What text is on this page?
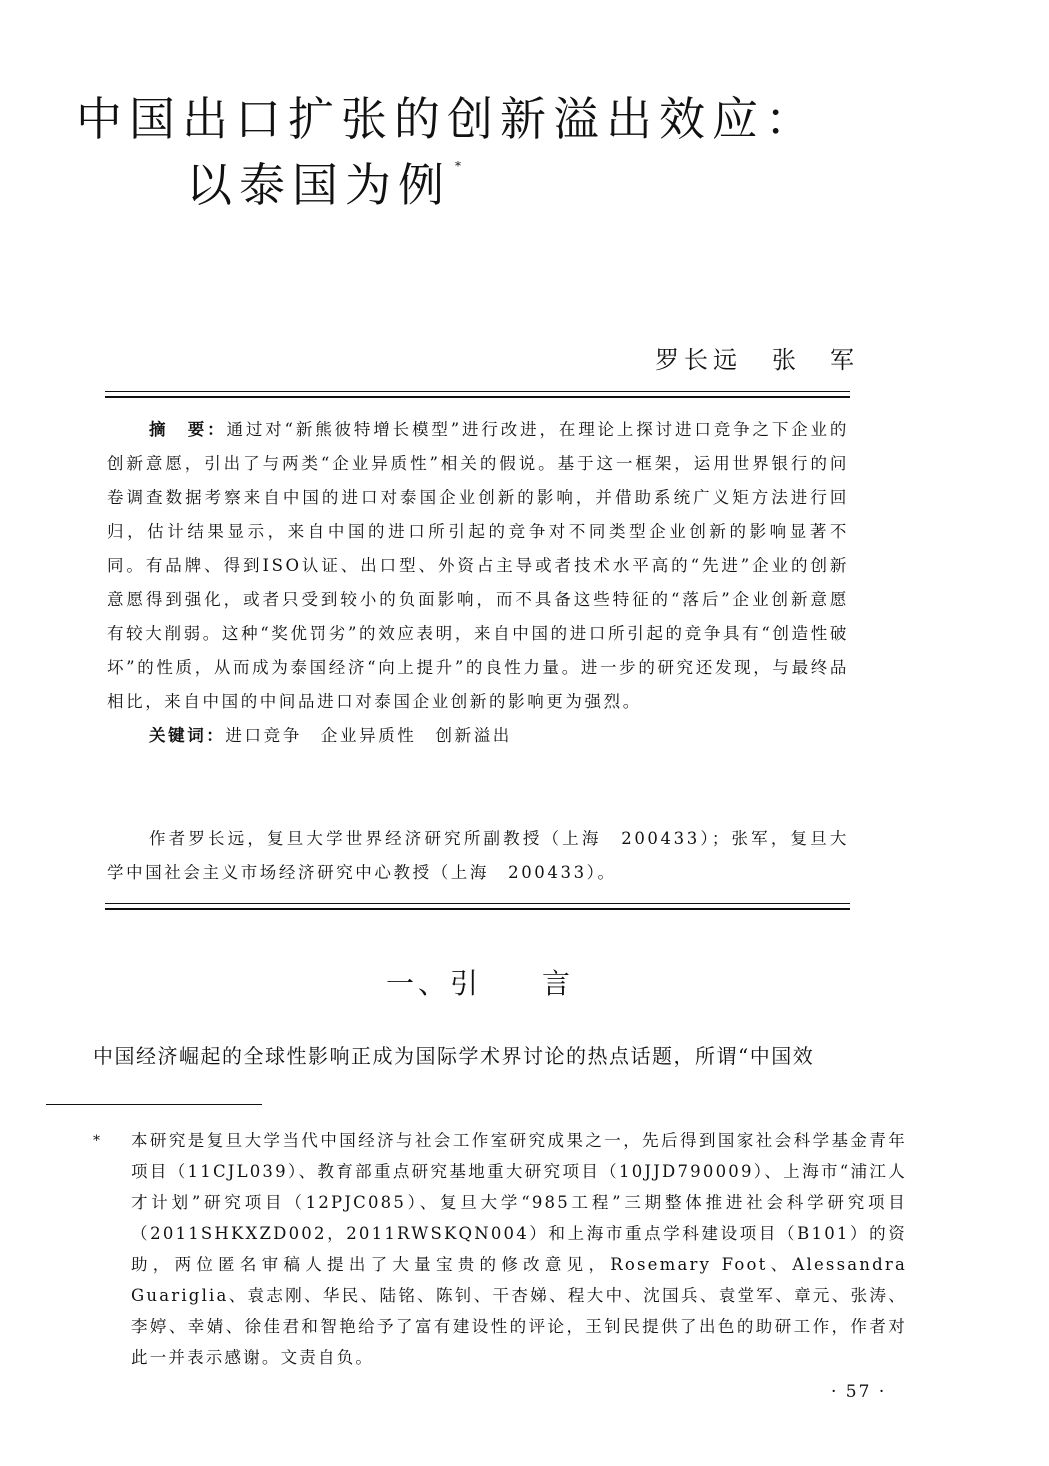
中国出口扩张的创新溢出效应：
以泰国为例 *
罗长远 张　军

摘　要：通过对“新熊彼特增长模型”进行改进，在理论上探讨进口竞争之下企业的创新意愿，引出了与两类“企业异质性”相关的假说。基于这一框架，运用世界银行的问卷调查数据考察来自中国的进口对泰国企业创新的影响，并借助系统广义矩方法进行回归，估计结果显示，来自中国的进口所引起的竞争对不同类型企业创新的影响显著不同。有品牌、得到ISO认证、出口型、外资占主导或者技术水平高的“先进”企业的创新意愿得到强化，或者只受到较小的负面影响，而不具备这些特征的“落后”企业创新意愿有较大削弱。这种“奖优罚劣”的效应表明，来自中国的进口所引起的竞争具有“创造性破坏”的性质，从而成为泰国经济“向上提升”的良性力量。进一步的研究还发现，与最终品相比，来自中国的中间品进口对泰国企业创新的影响更为强烈。

关键词：进口竞争　企业异质性　创新溢出

作者罗长远，复旦大学世界经济研究所副教授（上海　200433）；张军，复旦大学中国社会主义市场经济研究中心教授（上海　200433）。

一、引 言
中国经济崛起的全球性影响正成为国际学术界讨论的热点话题，所谓“中国效
* 本研究是复旦大学当代中国经济与社会工作室研究成果之一，先后得到国家社会科学基金青年项目（11CJL039）、教育部重点研究基地重大研究项目（10JJD790009）、上海市“浦江人才计划”研究项目（12PJC085）、复旦大学“985工程”三期整体推进社会科学研究项目（2011SHKXZD002，2011RWSKQN004）和上海市重点学科建设项目（B101）的资助，两位匿名审稿人提出了大量宝贵的修改意见，Rosemary Foot、Alessandra Guariglia、袁志刚、华民、陆铭、陈钊、干杏娣、程大中、沈国兵、袁堂军、章元、张涛、李婷、幸婧、徐佳君和智艳给予了富有建设性的评论，王钊民提供了出色的助研工作，作者对此一并表示感谢。文责自负。

· 57 ·
